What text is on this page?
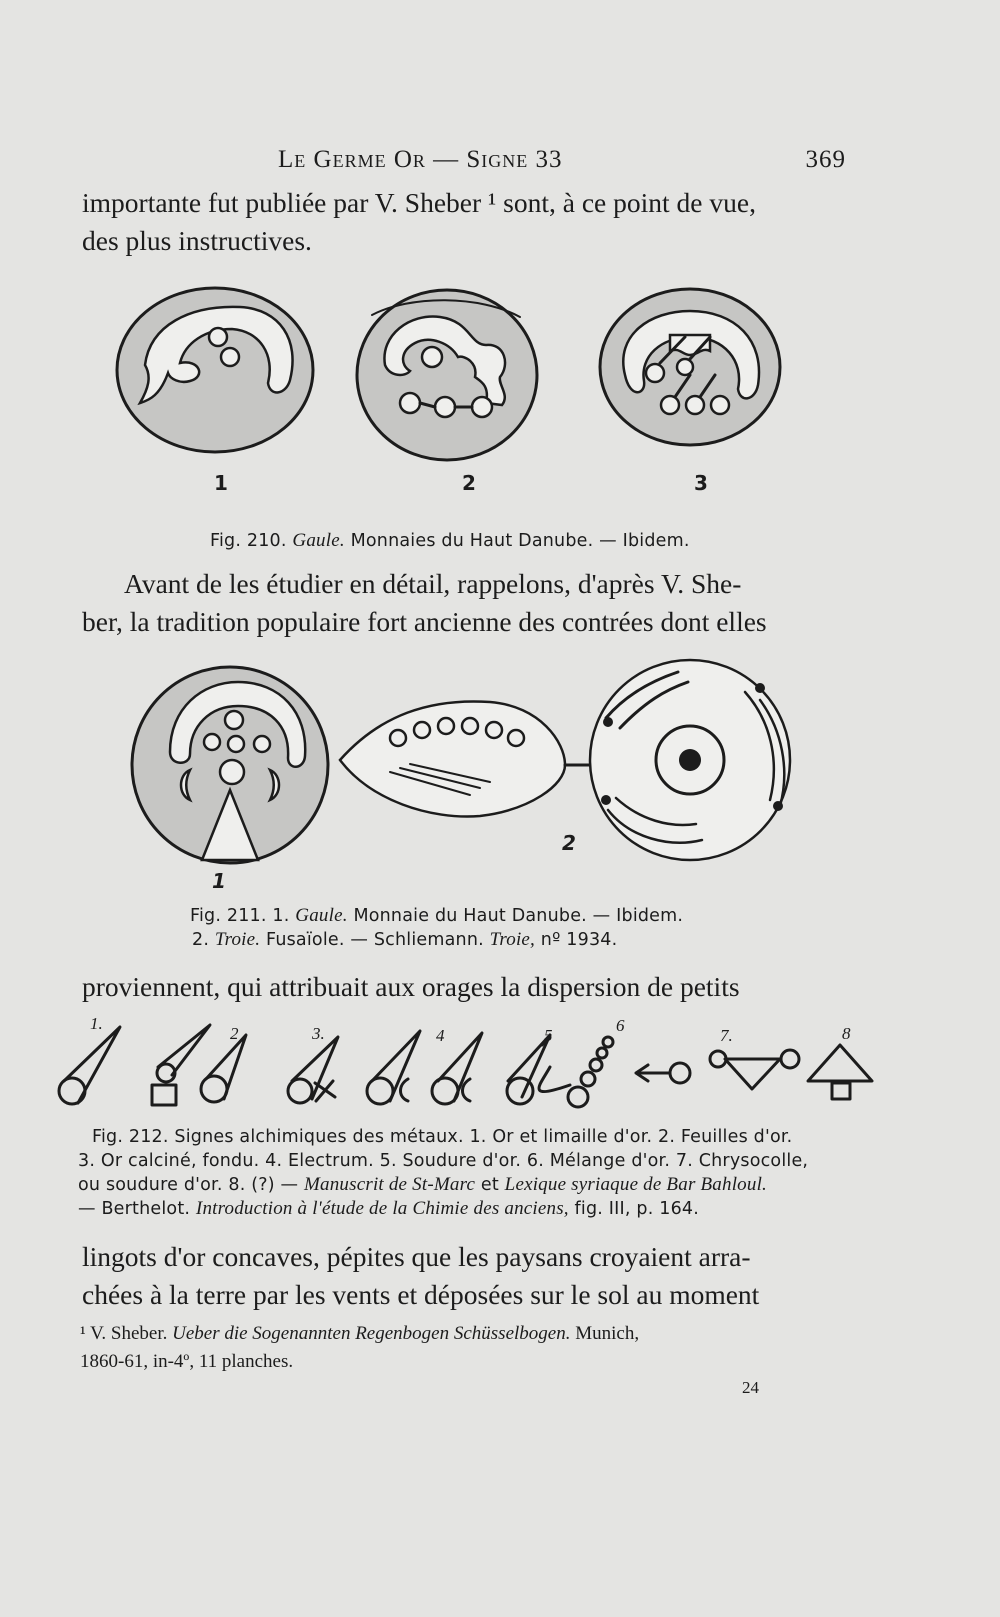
Le Germe Or — Signe 33	369
importante fut publiée par V. Sheber ¹ sont, à ce point de vue,
des plus instructives.
1	2	3
Fig. 210. Gaule. Monnaies du Haut Danube. — Ibidem.
Avant de les étudier en détail, rappelons, d'après V. She-
ber, la tradition populaire fort ancienne des contrées dont elles
1
2
Fig. 211. 1. Gaule. Monnaie du Haut Danube. — Ibidem.
2. Troie. Fusaïole. — Schliemann. Troie, nº 1934.
proviennent, qui attribuait aux orages la dispersion de petits
1.
2	3.	4	5
6
7.	8
Fig. 212. Signes alchimiques des métaux. 1. Or et limaille d'or. 2. Feuilles d'or.
3. Or calciné, fondu. 4. Electrum. 5. Soudure d'or. 6. Mélange d'or. 7. Chrysocolle,
ou soudure d'or. 8. (?) — Manuscrit de St-Marc et Lexique syriaque de Bar Bahloul.
— Berthelot. Introduction à l'étude de la Chimie des anciens, fig. III, p. 164.
lingots d'or concaves, pépites que les paysans croyaient arra-
chées à la terre par les vents et déposées sur le sol au moment
¹ V. Sheber. Ueber die Sogenannten Regenbogen Schüsselbogen. Munich,
1860-61, in-4º, 11 planches.
24
